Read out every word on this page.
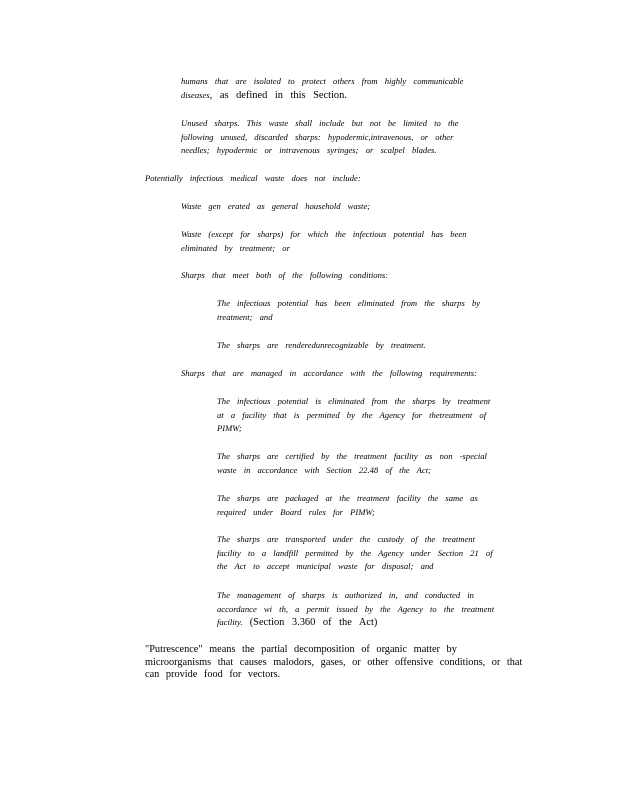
humans that are isolated to protect others from highly communicable
diseases, as defined in this Section.
Unused sharps. This waste shall include but not be limited to the
following unused, discarded sharps: hypodermic,intravenous, or other
needles; hypodermic or intravenous syringes; or scalpel blades.
Potentially infectious medical waste does not include:
Waste gen erated as general household waste;
Waste (except for sharps) for which the infectious potential has been
eliminated by treatment; or
Sharps that meet both of the following conditions:
The infectious potential has been eliminated from the sharps by
treatment; and
The sharps are renderedunrecognizable by treatment.
Sharps that are managed in accordance with the following requirements:
The infectious potential is eliminated from the sharps by treatment
at a facility that is permitted by the Agency for thetreatment of
PIMW;
The sharps are certified by the treatment facility as non -special
waste in accordance with Section 22.48 of the Act;
The sharps are packaged at the treatment facility the same as
required under Board rules for PIMW;
The sharps are transported under the custody of the treatment
facility to a landfill permitted by the Agency under Section 21 of
the Act to accept municipal waste for disposal; and
The management of sharps is authorized in, and conducted in
accordance wi th, a permit issued by the Agency to the treatment
facility. (Section 3.360 of the Act)
"Putrescence" means the partial decomposition of organic matter by
microorganisms that causes malodors, gases, or other offensive conditions, or that
can provide food for vectors.
